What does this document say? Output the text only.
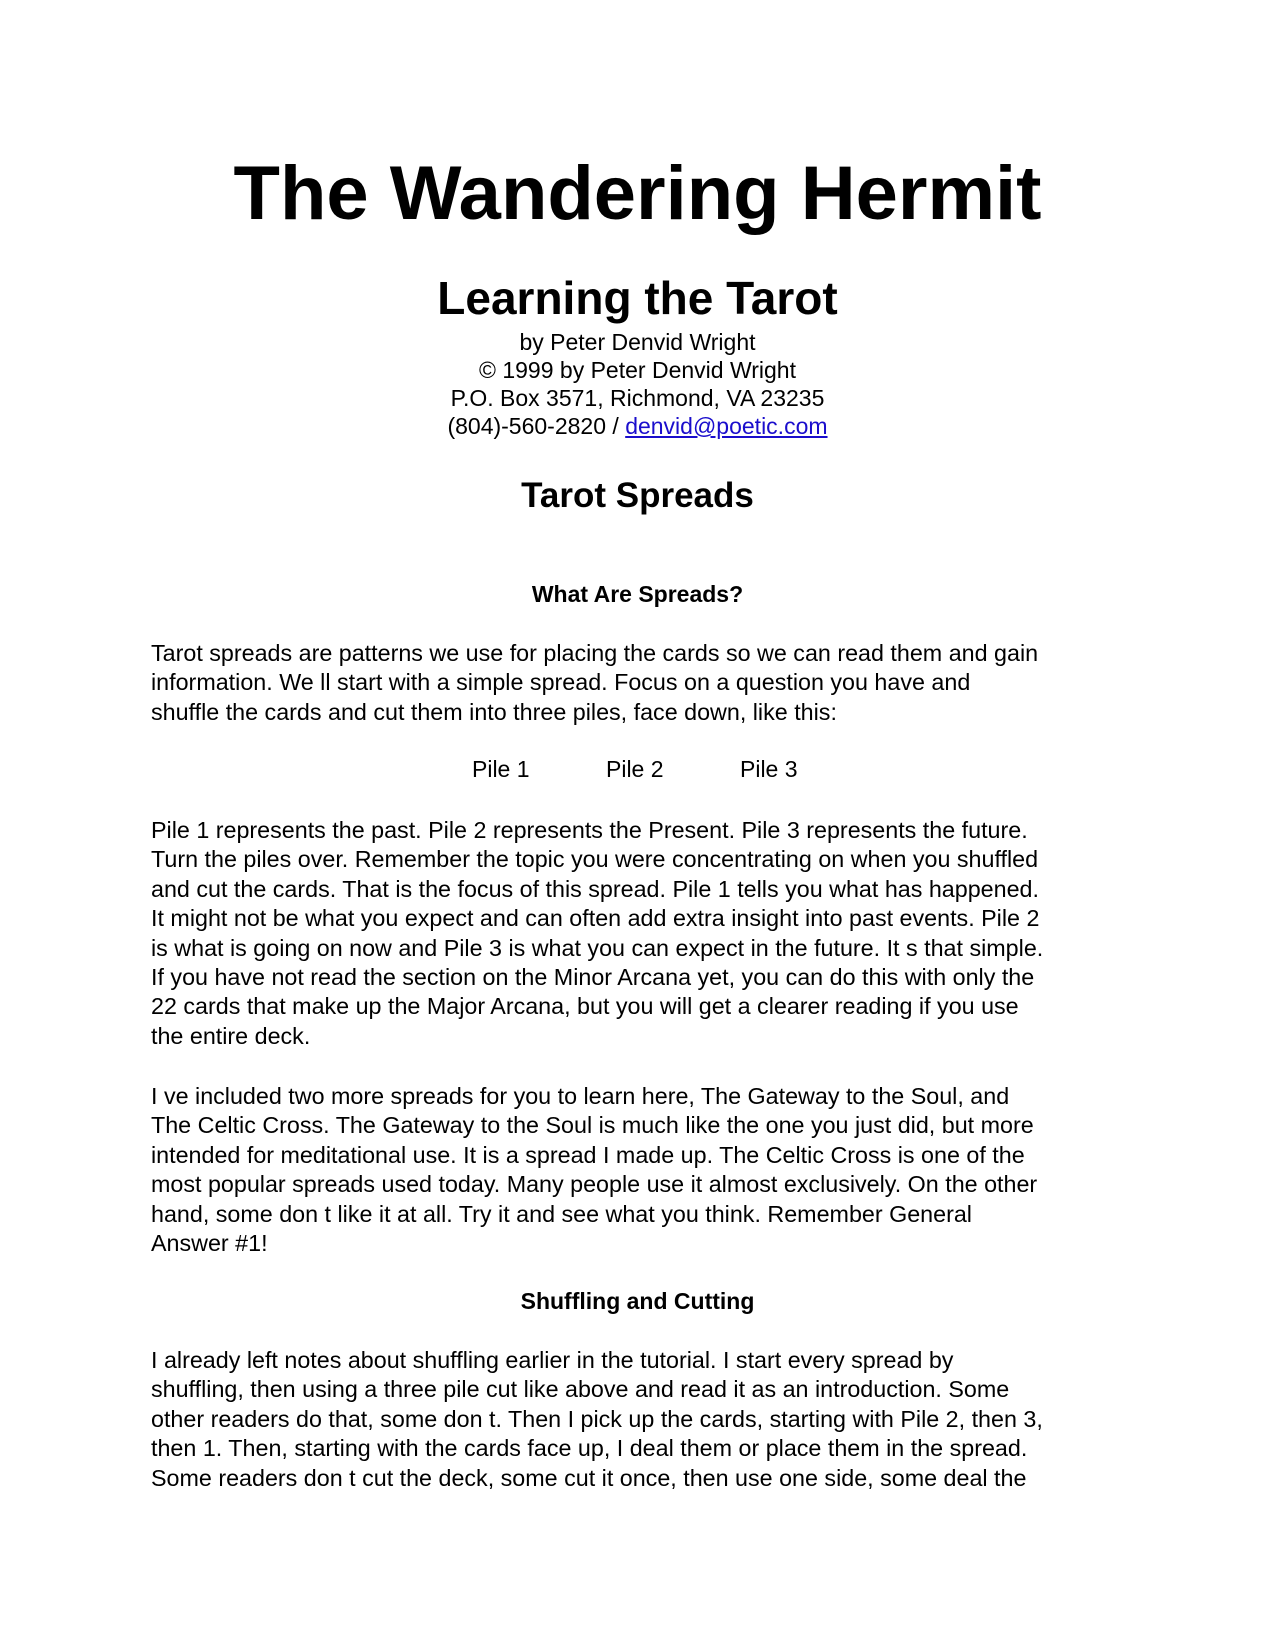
The Wandering Hermit
Learning the Tarot
by Peter Denvid Wright
© 1999 by Peter Denvid Wright
P.O. Box 3571, Richmond, VA 23235
(804)-560-2820 / denvid@poetic.com
Tarot Spreads
What Are Spreads?
Tarot spreads are patterns we use for placing the cards so we can read them and gain
information. We ll start with a simple spread. Focus on a question you have and
shuffle the cards and cut them into three piles, face down, like this:
Pile 1	Pile 2	Pile 3
Pile 1 represents the past. Pile 2 represents the Present. Pile 3 represents the future.
Turn the piles over. Remember the topic you were concentrating on when you shuffled
and cut the cards. That is the focus of this spread. Pile 1 tells you what has happened.
It might not be what you expect and can often add extra insight into past events. Pile 2
is what is going on now and Pile 3 is what you can expect in the future. It s that simple.
If you have not read the section on the Minor Arcana yet, you can do this with only the
22 cards that make up the Major Arcana, but you will get a clearer reading if you use
the entire deck.
I ve included two more spreads for you to learn here, The Gateway to the Soul, and
The Celtic Cross. The Gateway to the Soul is much like the one you just did, but more
intended for meditational use. It is a spread I made up. The Celtic Cross is one of the
most popular spreads used today. Many people use it almost exclusively. On the other
hand, some don t like it at all. Try it and see what you think. Remember General
Answer #1!
Shuffling and Cutting
I already left notes about shuffling earlier in the tutorial. I start every spread by
shuffling, then using a three pile cut like above and read it as an introduction. Some
other readers do that, some don t. Then I pick up the cards, starting with Pile 2, then 3,
then 1. Then, starting with the cards face up, I deal them or place them in the spread.
Some readers don t cut the deck, some cut it once, then use one side, some deal the
